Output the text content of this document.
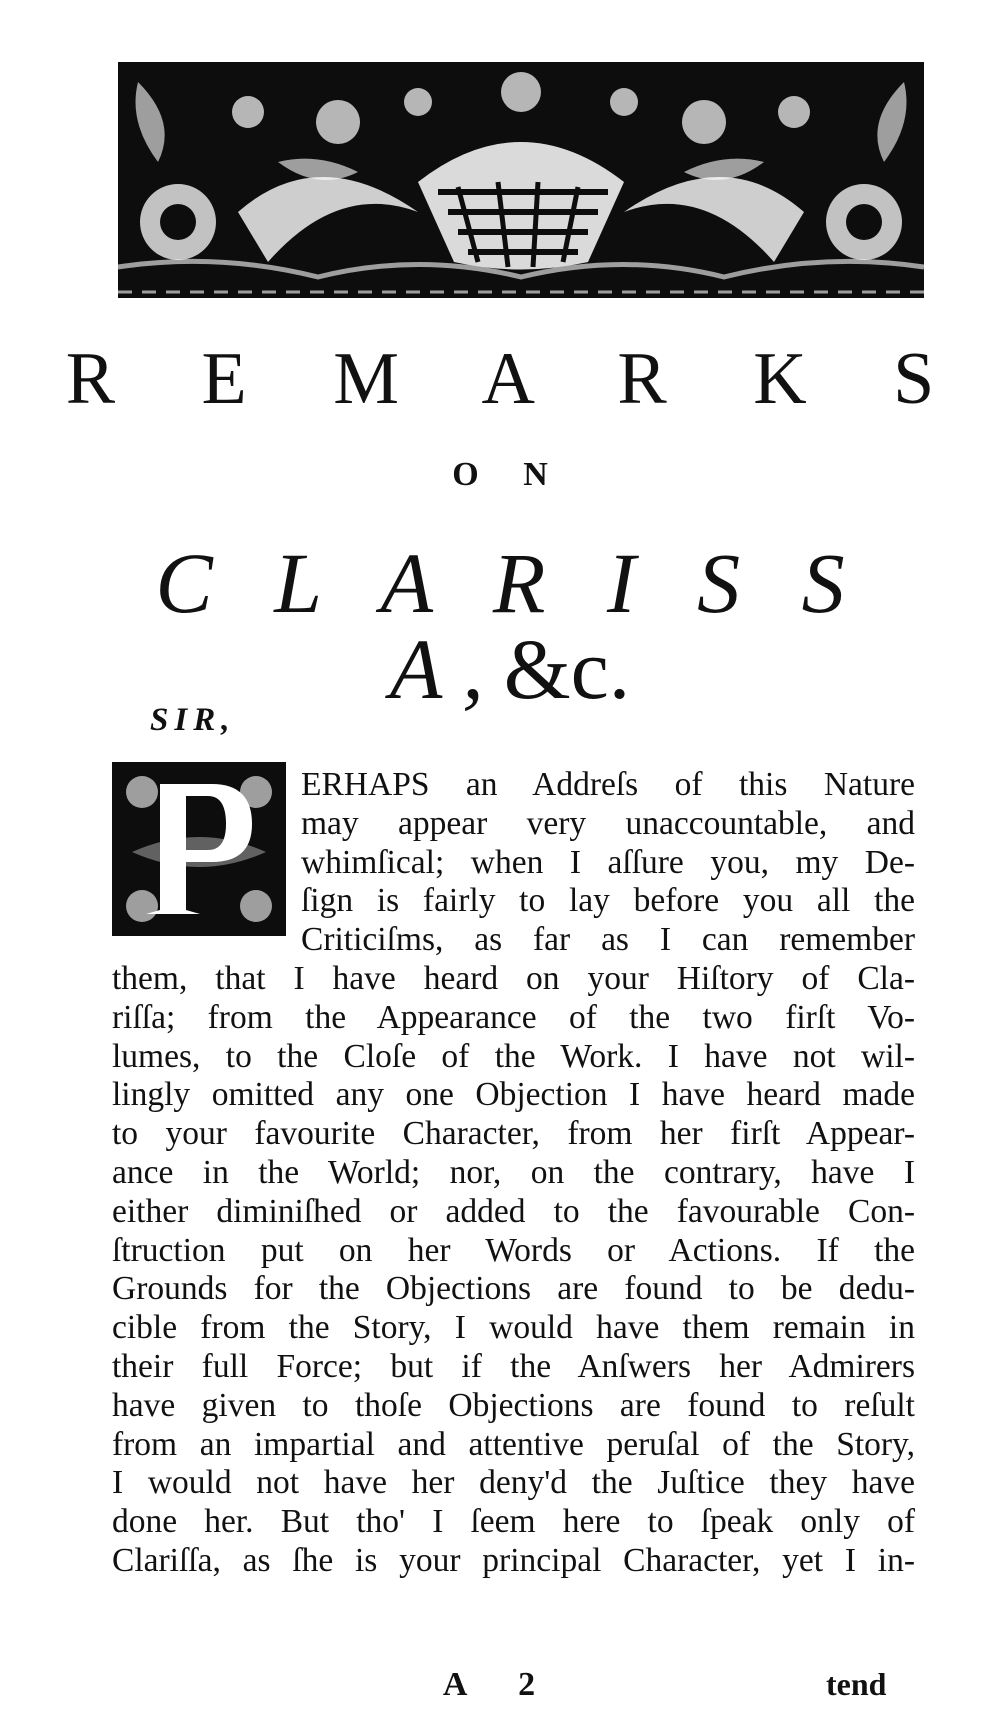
R E M A R K S
O N
C L A R I S S A,&c.
SIR,
ERHAPS an Addreſs of this Nature
may appear very unaccountable, and
whimſical; when I aſſure you, my De-
ſign is fairly to lay before you all the
Criticiſms, as far as I can remember
them, that I have heard on your Hiſtory of Cla-
riſſa; from the Appearance of the two firſt Vo-
lumes, to the Cloſe of the Work. I have not wil-
lingly omitted any one Objection I have heard made
to your favourite Character, from her firſt Appear-
ance in the World; nor, on the contrary, have I
either diminiſhed or added to the favourable Con-
ſtruction put on her Words or Actions. If the
Grounds for the Objections are found to be dedu-
cible from the Story, I would have them remain in
their full Force; but if the Anſwers her Admirers
have given to thoſe Objections are found to reſult
from an impartial and attentive peruſal of the Story,
I would not have her deny'd the Juſtice they have
done her. But tho' I ſeem here to ſpeak only of
Clariſſa, as ſhe is your principal Character, yet I in-
A 2	tend
